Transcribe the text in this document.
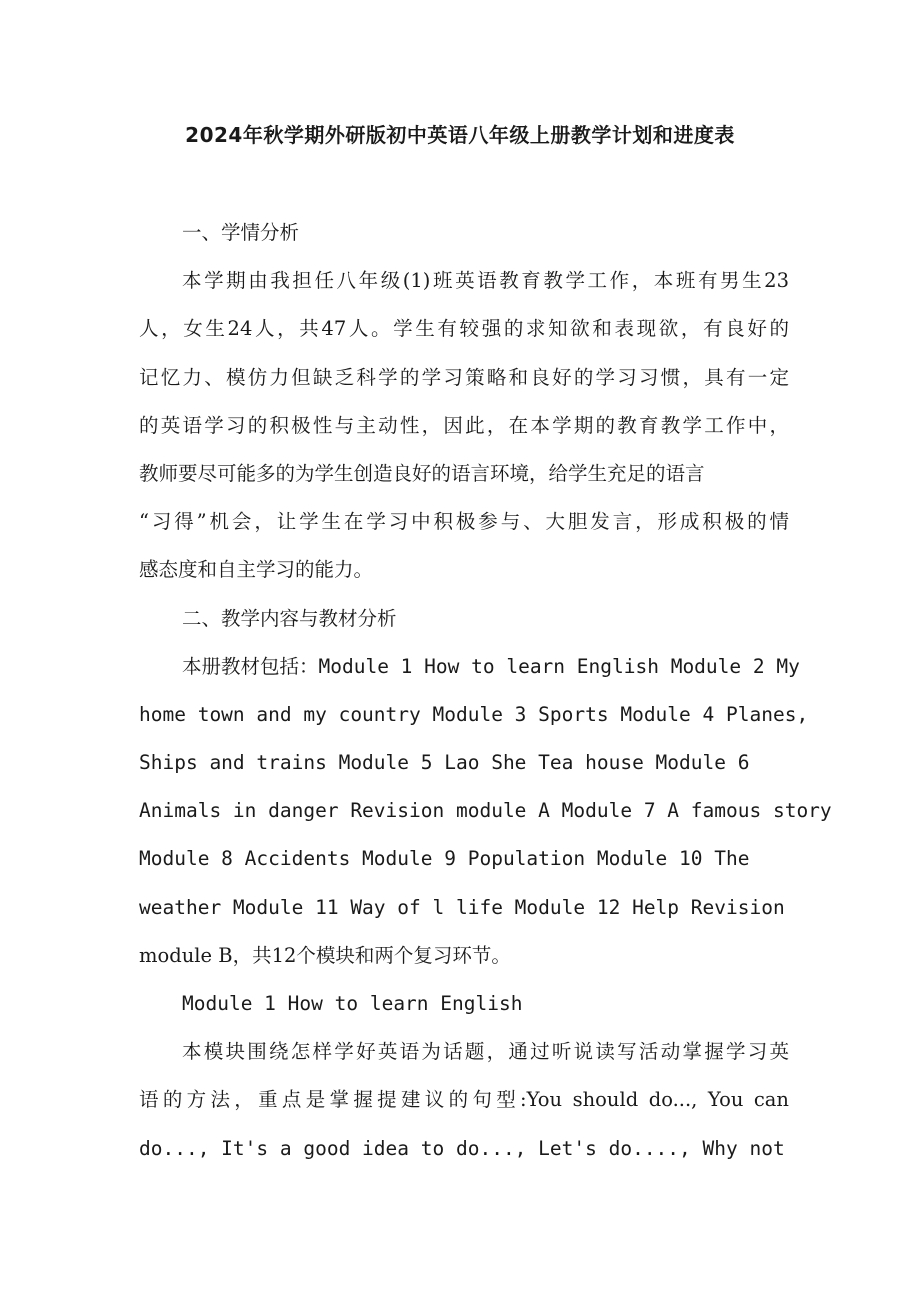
2024年秋学期外研版初中英语八年级上册教学计划和进度表
一、学情分析
本学期由我担任八年级(1)班英语教育教学工作，本班有男生23
人，女生24人，共47人。学生有较强的求知欲和表现欲，有良好的
记忆力、模仿力但缺乏科学的学习策略和良好的学习习惯，具有一定
的英语学习的积极性与主动性，因此，在本学期的教育教学工作中，
教师要尽可能多的为学生创造良好的语言环境，给学生充足的语言
“习得”机会，让学生在学习中积极参与、大胆发言，形成积极的情
感态度和自主学习的能力。
二、教学内容与教材分析
本册教材包括：Module 1 How to learn English Module 2 My
home town and my country Module 3 Sports Module 4 Planes,
Ships and trains Module 5 Lao She Tea house Module 6
Animals in danger Revision module A Module 7 A famous story
Module 8 Accidents Module 9 Population Module 10 The
weather Module 11 Way of l life Module 12 Help Revision
module B，共12个模块和两个复习环节。
Module 1 How to learn English
本模块围绕怎样学好英语为话题，通过听说读写活动掌握学习英
语的方法，重点是掌握提建议的句型:You should do..., You can
do..., It's a good idea to do..., Let's do...., Why not
